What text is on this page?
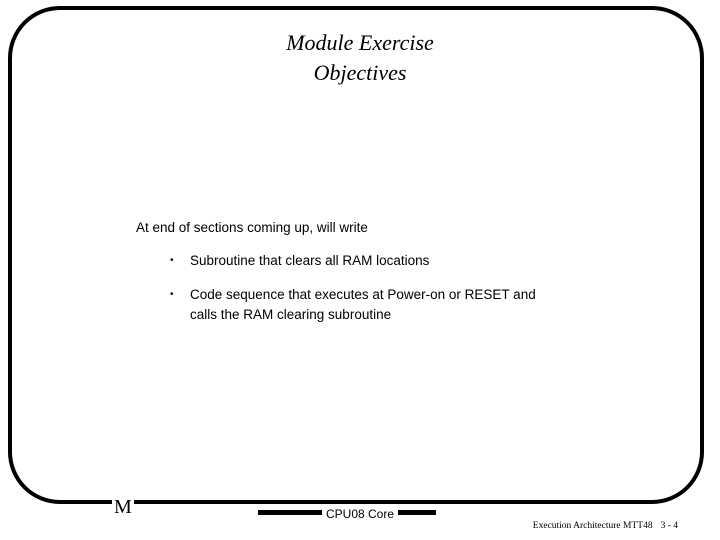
Module Exercise
Objectives
At end of sections coming up, will write
• Subroutine that clears all RAM locations
• Code sequence that executes at Power-on or RESET and
calls the RAM clearing subroutine
M	CPU08 Core
Execution Architecture MTT48 3 - 4
